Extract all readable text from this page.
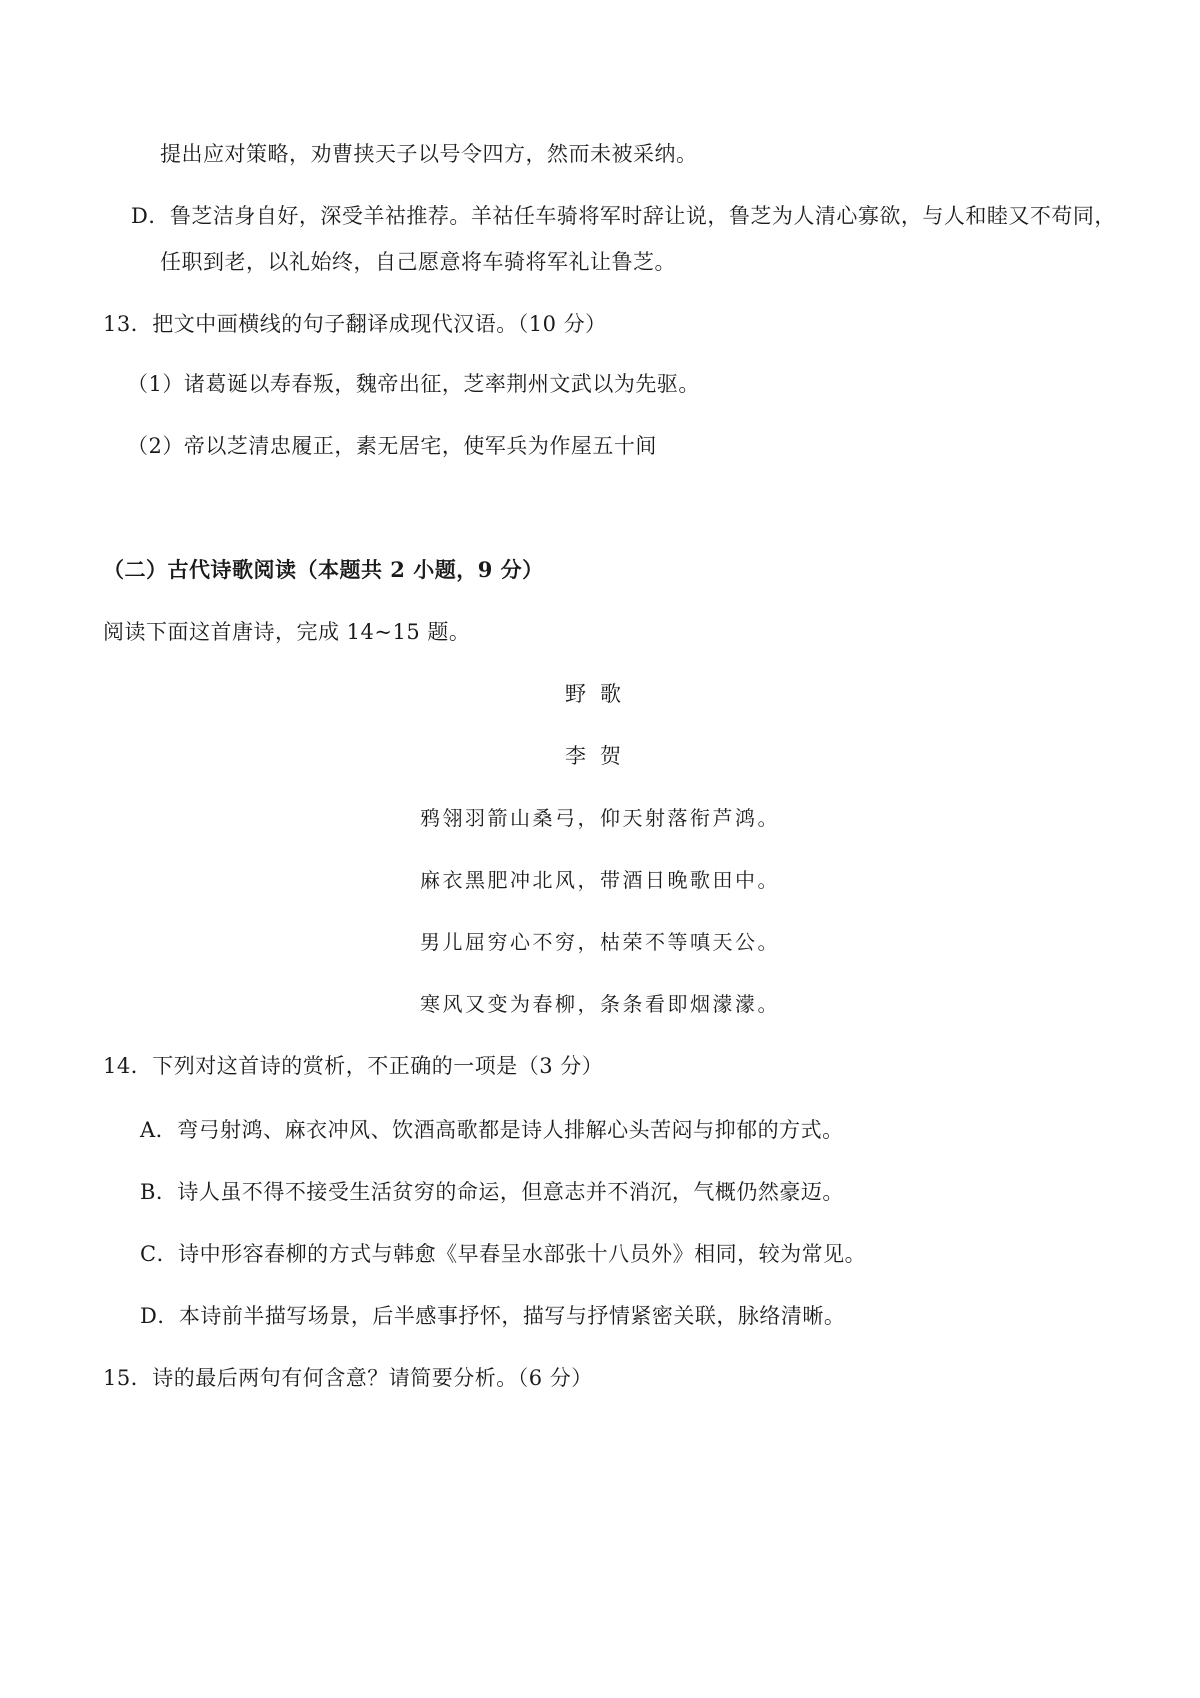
提出应对策略，劝曹挟天子以号令四方，然而未被采纳。
D．鲁芝洁身自好，深受羊祜推荐。羊祜任车骑将军时辞让说，鲁芝为人清心寡欲，与人和睦又不苟同，
任职到老，以礼始终，自己愿意将车骑将军礼让鲁芝。
13．把文中画横线的句子翻译成现代汉语。（10 分）
（1）诸葛诞以寿春叛，魏帝出征，芝率荆州文武以为先驱。
（2）帝以芝清忠履正，素无居宅，使军兵为作屋五十间
（二）古代诗歌阅读（本题共 2 小题，9 分）
阅读下面这首唐诗，完成 14~15 题。
野歌
李贺
鸦翎羽箭山桑弓，仰天射落衔芦鸿。
麻衣黑肥冲北风，带酒日晚歌田中。
男儿屈穷心不穷，枯荣不等嗔天公。
寒风又变为春柳，条条看即烟濛濛。
14．下列对这首诗的赏析，不正确的一项是（3 分）
A．弯弓射鸿、麻衣冲风、饮酒高歌都是诗人排解心头苦闷与抑郁的方式。
B．诗人虽不得不接受生活贫穷的命运，但意志并不消沉，气概仍然豪迈。
C．诗中形容春柳的方式与韩愈《早春呈水部张十八员外》相同，较为常见。
D．本诗前半描写场景，后半感事抒怀，描写与抒情紧密关联，脉络清晰。
15．诗的最后两句有何含意？请简要分析。（6 分）
